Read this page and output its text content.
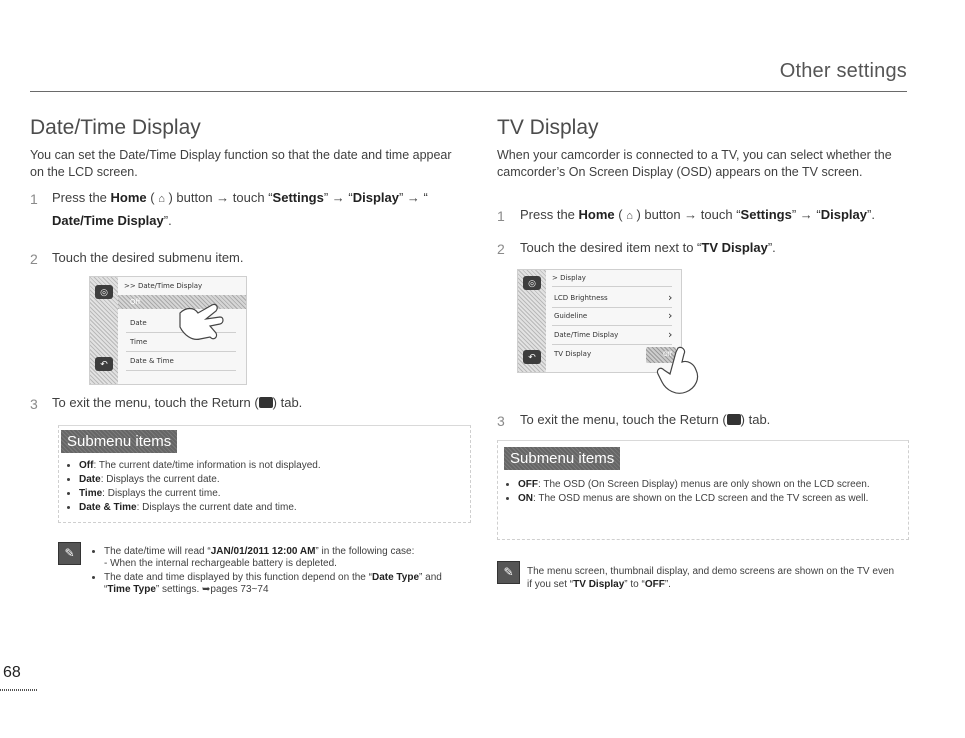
Other settings
Date/Time Display
You can set the Date/Time Display function so that the date and time appear on the LCD screen.
1 Press the Home ( ⌂ ) button → touch “Settings” → “Display” → “
Date/Time Display”.
2 Touch the desired submenu item.
◎
↶
>> Date/Time Display
Off
Date
Time
Date & Time
3 To exit the menu, touch the Return ( ) tab.
Submenu items
• Off: The current date/time information is not displayed.
• Date: Displays the current date.
• Time: Displays the current time.
• Date & Time: Displays the current date and time.
✎
•	The date/time will read “JAN/01/2011 12:00 AM” in the following case:
- When the internal rechargeable battery is depleted.
• The date and time displayed by this function depend on the “Date Type” and “Time Type” settings. ➥pages 73~74
TV Display
When your camcorder is connected to a TV, you can select whether the camcorder’s On Screen Display (OSD) appears on the TV screen.
1 Press the Home ( ⌂ ) button → touch “Settings” → “Display”.
2 Touch the desired item next to “TV Display”.
◎
↶
> Display
LCD Brightness	›
Guideline	›
Date/Time Display	›
TV Display	Off
3 To exit the menu, touch the Return ( ) tab.
Submenu items
• OFF: The OSD (On Screen Display) menus are only shown on the LCD screen.
• ON: The OSD menus are shown on the LCD screen and the TV screen as well.
✎	The menu screen, thumbnail display, and demo screens are shown on the TV even if you set “TV Display” to “OFF”.
68
